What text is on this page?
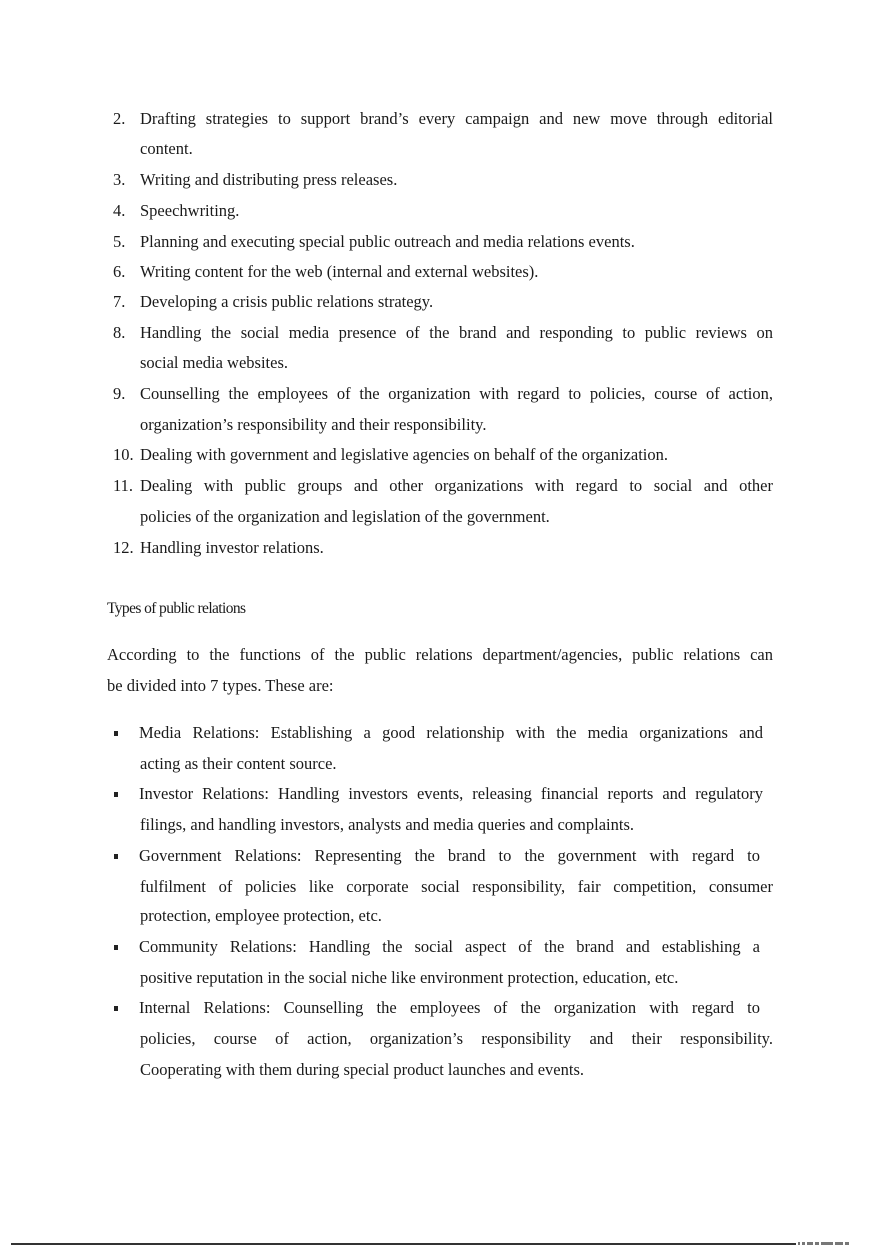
2. Drafting strategies to support brand’s every campaign and new move through editorial
content.
3. Writing and distributing press releases.
4. Speechwriting.
5. Planning and executing special public outreach and media relations events.
6. Writing content for the web (internal and external websites).
7. Developing a crisis public relations strategy.
8. Handling the social media presence of the brand and responding to public reviews on
social media websites.
9. Counselling the employees of the organization with regard to policies, course of action,
organization’s responsibility and their responsibility.
10. Dealing with government and legislative agencies on behalf of the organization.
11. Dealing with public groups and other organizations with regard to social and other
policies of the organization and legislation of the government.
12. Handling investor relations.
Types of public relations
According to the functions of the public relations department/agencies, public relations can
be divided into 7 types. These are:
Media Relations: Establishing a good relationship with the media organizations and
acting as their content source.
Investor Relations: Handling investors events, releasing financial reports and regulatory
filings, and handling investors, analysts and media queries and complaints.
Government Relations: Representing the brand to the government with regard to
fulfilment of policies like corporate social responsibility, fair competition, consumer
protection, employee protection, etc.
Community Relations: Handling the social aspect of the brand and establishing a
positive reputation in the social niche like environment protection, education, etc.
Internal Relations: Counselling the employees of the organization with regard to
policies, course of action, organization’s responsibility and their responsibility.
Cooperating with them during special product launches and events.
